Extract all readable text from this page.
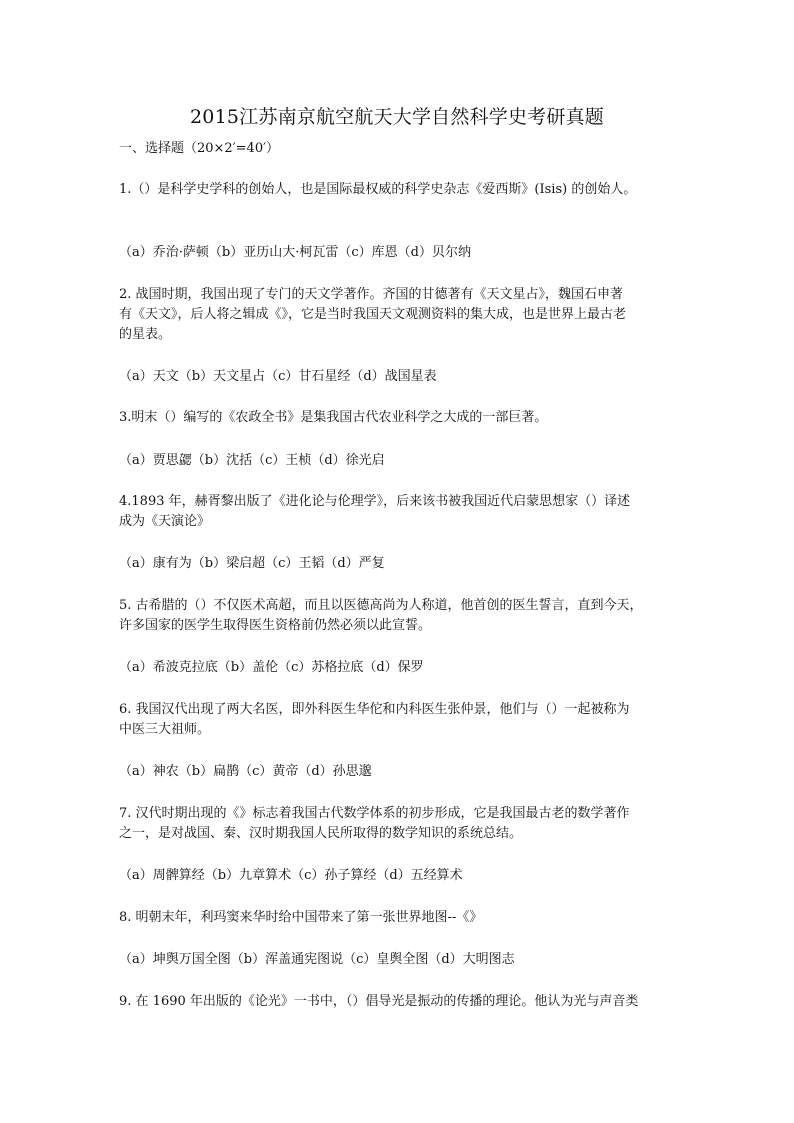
2015江苏南京航空航天大学自然科学史考研真题
一、选择题（20×2′=40′）
1.（）是科学史学科的创始人，也是国际最权威的科学史杂志《爱西斯》(Isis) 的创始人。
（a）乔治·萨顿（b）亚历山大·柯瓦雷（c）库恩（d）贝尔纳
2. 战国时期，我国出现了专门的天文学著作。齐国的甘德著有《天文星占》，魏国石申著
有《天文》，后人将之辑成《》，它是当时我国天文观测资料的集大成，也是世界上最古老
的星表。
（a）天文（b）天文星占（c）甘石星经（d）战国星表
3.明末（）编写的《农政全书》是集我国古代农业科学之大成的一部巨著。
（a）贾思勰（b）沈括（c）王桢（d）徐光启
4.1893 年，赫胥黎出版了《进化论与伦理学》，后来该书被我国近代启蒙思想家（）译述
成为《天演论》
（a）康有为（b）梁启超（c）王韬（d）严复
5. 古希腊的（）不仅医术高超，而且以医德高尚为人称道，他首创的医生誓言，直到今天，
许多国家的医学生取得医生资格前仍然必须以此宣誓。
（a）希波克拉底（b）盖伦（c）苏格拉底（d）保罗
6. 我国汉代出现了两大名医，即外科医生华佗和内科医生张仲景，他们与（）一起被称为
中医三大祖师。
（a）神农（b）扁鹊（c）黄帝（d）孙思邈
7. 汉代时期出现的《》标志着我国古代数学体系的初步形成，它是我国最古老的数学著作
之一，是对战国、秦、汉时期我国人民所取得的数学知识的系统总结。
（a）周髀算经（b）九章算术（c）孙子算经（d）五经算术
8. 明朝末年，利玛窦来华时给中国带来了第一张世界地图--《》
（a）坤舆万国全图（b）浑盖通宪图说（c）皇舆全图（d）大明图志
9. 在 1690 年出版的《论光》一书中，（）倡导光是振动的传播的理论。他认为光与声音类
